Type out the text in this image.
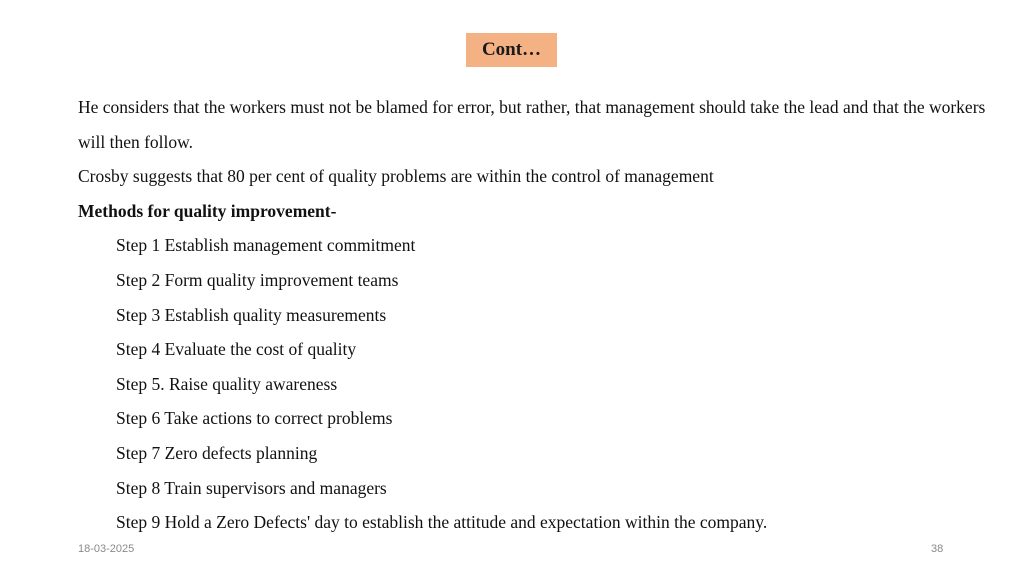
Cont…

He considers that the workers must not be blamed for error, but rather, that management should take the lead and that the workers will then follow.

Crosby suggests that 80 per cent of quality problems are within the control of management

Methods for quality improvement-

Step 1 Establish management commitment
Step 2 Form quality improvement teams
Step 3 Establish quality measurements
Step 4 Evaluate the cost of quality
Step 5. Raise quality awareness
Step 6 Take actions to correct problems
Step 7 Zero defects planning
Step 8 Train supervisors and managers
Step 9 Hold a Zero Defects' day to establish the attitude and expectation within the company.
18-03-2025	38
